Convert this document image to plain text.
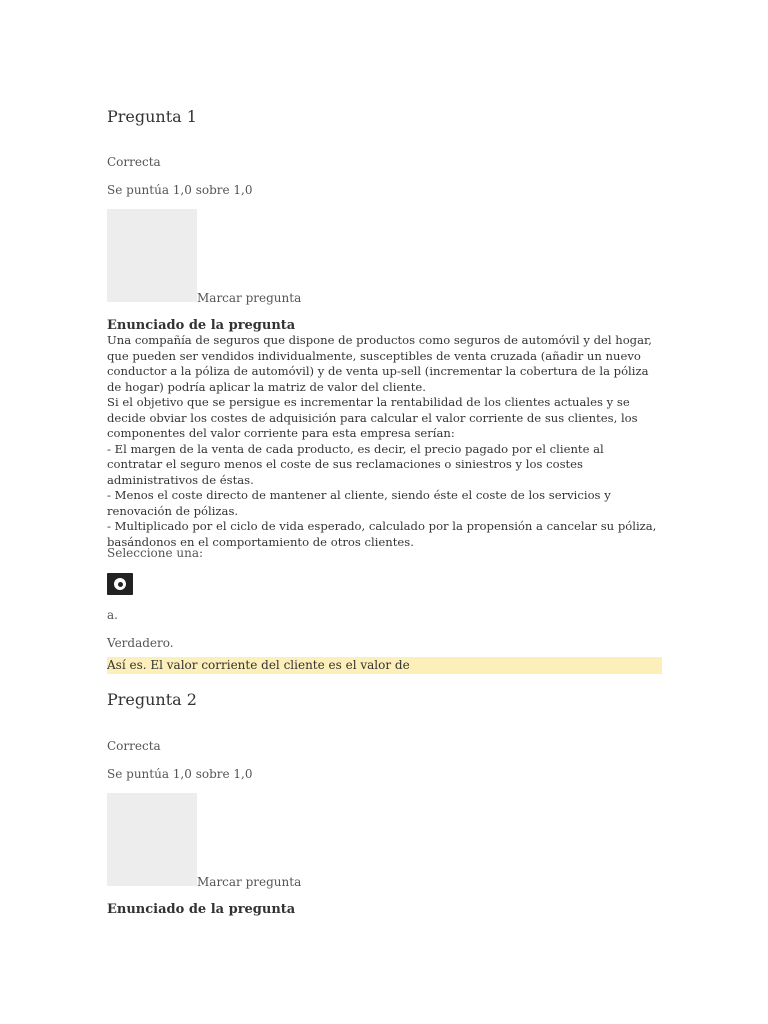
Pregunta 1

Correcta

Se puntúa 1,0 sobre 1,0

Marcar pregunta
Enunciado de la pregunta

Una compañía de seguros que dispone de productos como seguros de automóvil y del hogar, que pueden ser vendidos individualmente, susceptibles de venta cruzada (añadir un nuevo conductor a la póliza de automóvil) y de venta up-sell (incrementar la cobertura de la póliza de hogar) podría aplicar la matriz de valor del cliente.

Si el objetivo que se persigue es incrementar la rentabilidad de los clientes actuales y se decide obviar los costes de adquisición para calcular el valor corriente de sus clientes, los componentes del valor corriente para esta empresa serían:

- El margen de la venta de cada producto, es decir, el precio pagado por el cliente al contratar el seguro menos el coste de sus reclamaciones o siniestros y los costes administrativos de éstas.

- Menos el coste directo de mantener al cliente, siendo éste el coste de los servicios y renovación de pólizas.

- Multiplicado por el ciclo de vida esperado, calculado por la propensión a cancelar su póliza, basándonos en el comportamiento de otros clientes.

Seleccione una:

a.

Verdadero.

Así es. El valor corriente del cliente es el valor de
Pregunta 2

Correcta

Se puntúa 1,0 sobre 1,0

Marcar pregunta
Enunciado de la pregunta
